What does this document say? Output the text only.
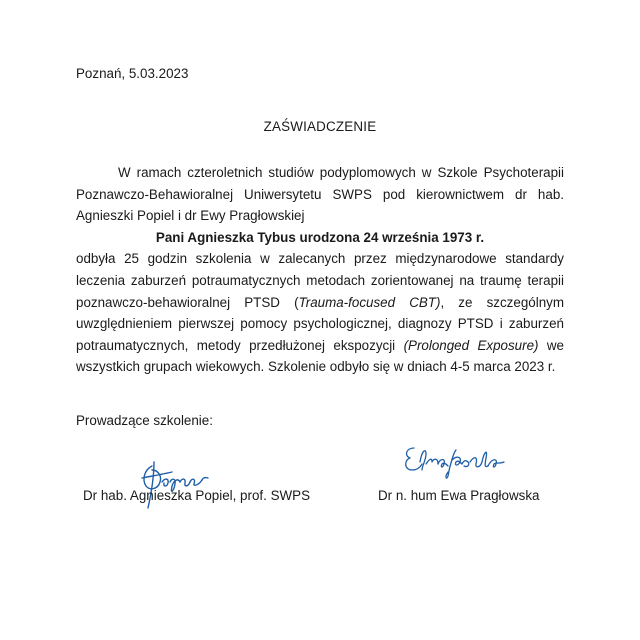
Poznań, 5.03.2023
ZAŚWIADCZENIE

W ramach czteroletnich studiów podyplomowych w Szkole Psychoterapii Poznawczo-Behawioralnej Uniwersytetu SWPS pod kierownictwem dr hab. Agnieszki Popiel i dr Ewy Pragłowskiej

Pani Agnieszka Tybus urodzona 24 września 1973 r.

odbyła 25 godzin szkolenia w zalecanych przez międzynarodowe standardy leczenia zaburzeń potraumatycznych metodach zorientowanej na traumę terapii poznawczo-behawioralnej PTSD (Trauma-focused CBT), ze szczególnym uwzględnieniem pierwszej pomocy psychologicznej, diagnozy PTSD i zaburzeń potraumatycznych, metody przedłużonej ekspozycji (Prolonged Exposure) we wszystkich grupach wiekowych. Szkolenie odbyło się w dniach 4-5 marca 2023 r.

Prowadzące szkolenie:
Dr hab. Agnieszka Popiel, prof. SWPS	Dr n. hum Ewa Pragłowska
